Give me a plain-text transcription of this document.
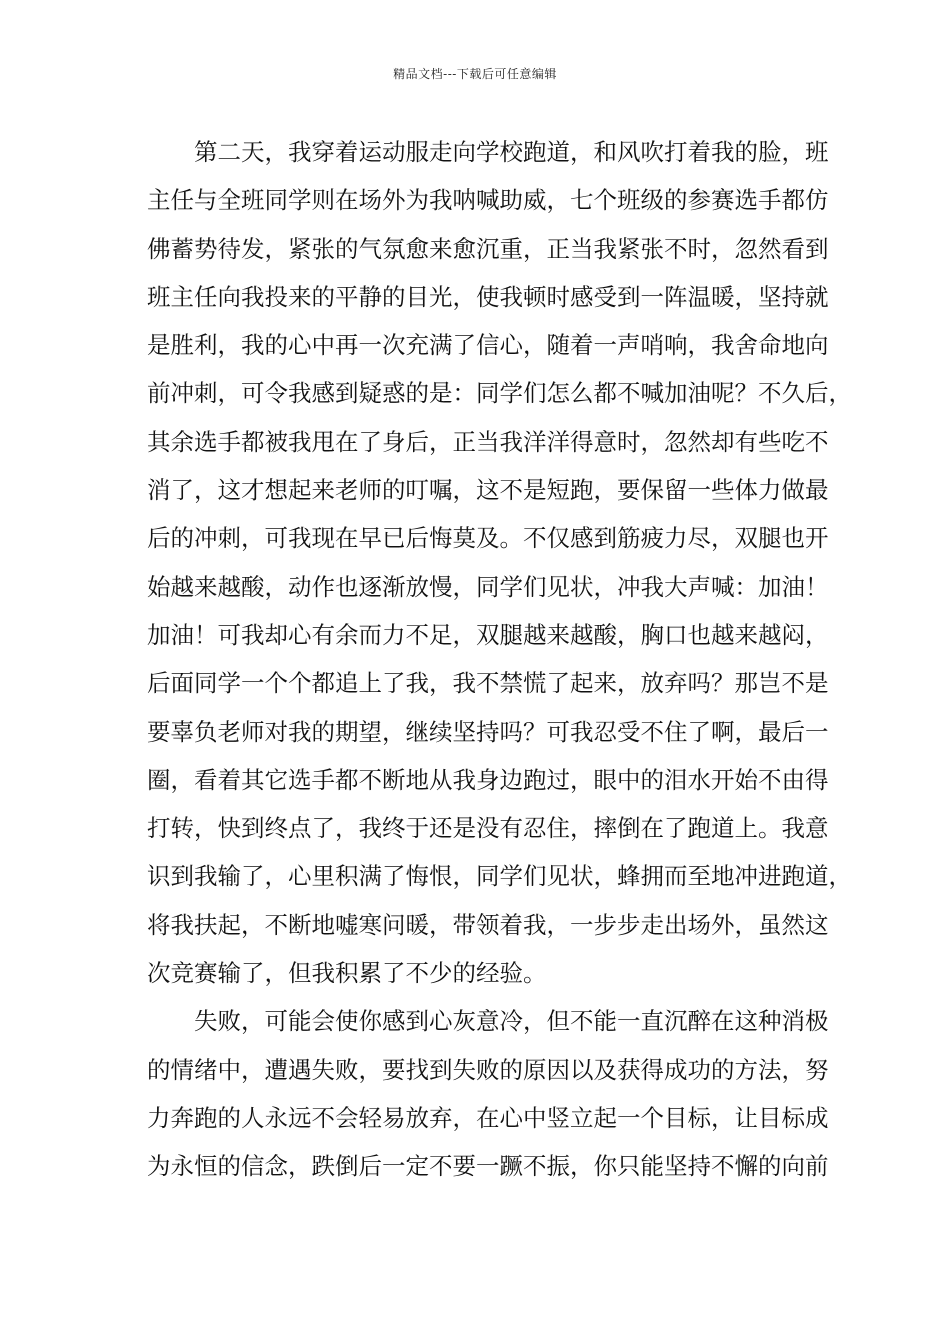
精品文档---下载后可任意编辑
第二天，我穿着运动服走向学校跑道，和风吹打着我的脸，班
主任与全班同学则在场外为我呐喊助威，七个班级的参赛选手都仿
佛蓄势待发，紧张的气氛愈来愈沉重，正当我紧张不时，忽然看到
班主任向我投来的平静的目光，使我顿时感受到一阵温暖，坚持就
是胜利，我的心中再一次充满了信心，随着一声哨响，我舍命地向
前冲刺，可令我感到疑惑的是：同学们怎么都不喊加油呢？不久后，
其余选手都被我甩在了身后，正当我洋洋得意时，忽然却有些吃不
消了，这才想起来老师的叮嘱，这不是短跑，要保留一些体力做最
后的冲刺，可我现在早已后悔莫及。不仅感到筋疲力尽，双腿也开
始越来越酸，动作也逐渐放慢，同学们见状，冲我大声喊：加油！
加油！可我却心有余而力不足，双腿越来越酸，胸口也越来越闷，
后面同学一个个都追上了我，我不禁慌了起来，放弃吗？那岂不是
要辜负老师对我的期望，继续坚持吗？可我忍受不住了啊，最后一
圈，看着其它选手都不断地从我身边跑过，眼中的泪水开始不由得
打转，快到终点了，我终于还是没有忍住，摔倒在了跑道上。我意
识到我输了，心里积满了悔恨，同学们见状，蜂拥而至地冲进跑道，
将我扶起，不断地嘘寒问暖，带领着我，一步步走出场外，虽然这
次竞赛输了，但我积累了不少的经验。
失败，可能会使你感到心灰意冷，但不能一直沉醉在这种消极
的情绪中，遭遇失败，要找到失败的原因以及获得成功的方法，努
力奔跑的人永远不会轻易放弃，在心中竖立起一个目标，让目标成
为永恒的信念，跌倒后一定不要一蹶不振，你只能坚持不懈的向前
